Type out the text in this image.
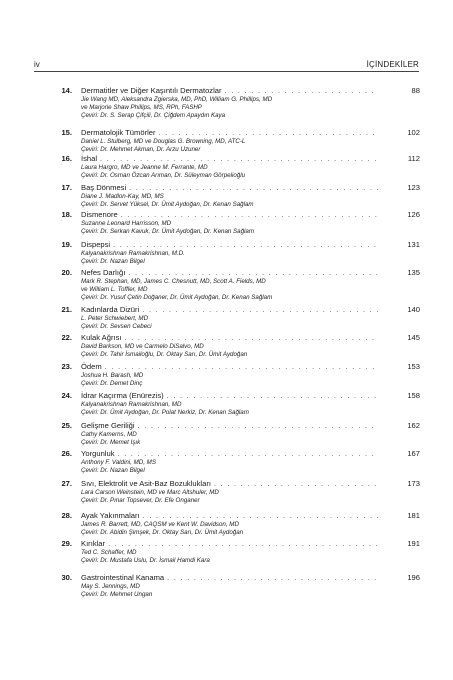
iv	İÇİNDEKİLER
14. Dermatitler ve Diğer Kaşıntılı Dermatozlar . . .	88
Jie Wang MD, Aleksandra Zgierska, MD, PhD, William G. Phillips, MD
ve Marjorie Shaw Phillips, MS, RPh, FASHP
Çeviri: Dr. S. Serap Çifçili, Dr. Çiğdem Apaydın Kaya
15. Dermatolojik Tümörler . . .	102
Daniel L. Stulberg, MD ve Douglas G. Browning, MD, ATC-L
Çeviri: Dr. Mehmet Akman, Dr. Arzu Uzuner
16. İshal . . .	112
Laura Hargro, MD ve Jeanne M. Ferrante, MD
Çeviri: Dr. Osman Özcan Arıman, Dr. Süleyman Görpelioğlu
17. Baş Dönmesi . . .	123
Diane J. Madlon-Kay, MD, MS
Çeviri: Dr. Servet Yüksel, Dr. Ümit Aydoğan, Dr. Kenan Sağlam
18. Dismenore . . .	126
Suzanne Leonard Harrisson, MD
Çeviri: Dr. Serkan Kavuk, Dr. Ümit Aydoğan, Dr. Kenan Sağlam
19. Dispepsi . . .	131
Kalyanakrishnan Ramakrishnan, M.D.
Çeviri: Dr. Nazan Bilgel
20. Nefes Darlığı . . .	135
Mark R. Stephan, MD, James C. Chesnutt, MD, Scott A. Fields, MD
ve William L. Toffler, MD
Çeviri: Dr. Yusuf Çetin Doğaner, Dr. Ümit Aydoğan, Dr. Kenan Sağlam
21. Kadınlarda Dizüri . . .	140
L. Peter Schwiebert, MD
Çeviri: Dr. Sevsen Cebeci
22. Kulak Ağrısı . . .	145
David Barkson, MD ve Carmelo DiSalvo, MD
Çeviri: Dr. Tahir İsmailoğlu, Dr. Oktay Sarı, Dr. Ümit Aydoğan
23. Ödem . . .	153
Joshua H. Barash, MD
Çeviri: Dr. Demet Dinç
24. İdrar Kaçırma (Enürezis) . . .	158
Kalyanakrishnan Ramakrishnan, MD
Çeviri: Dr. Ümit Aydoğan, Dr. Polat Nerkiz, Dr. Kenan Sağlam
25. Gelişme Geriliği . . .	162
Cathy Kamerns, MD
Çeviri: Dr. Memet Işık
26. Yorgunluk . . .	167
Anthony F. Valdini, MD, MS
Çeviri: Dr. Nazan Bilgel
27. Sıvı, Elektrolit ve Asit-Baz Bozuklukları . . .	173
Lara Carson Weinstein, MD ve Marc Altshuler, MD
Çeviri: Dr. Pınar Topsever, Dr. Efe Onganer
28. Ayak Yakınmaları . . .	181
James R. Barrett, MD, CAQSM ve Kent W. Davidson, MD
Çeviri: Dr. Abidin Şimşek, Dr. Oktay Sarı, Dr. Ümit Aydoğan
29. Kırıklar . . .	191
Ted C. Schaffer, MD
Çeviri: Dr. Mustafa Uslu, Dr. İsmail Hamdi Kara
30. Gastrointestinal Kanama . . .	196
May S. Jennings, MD
Çeviri: Dr. Mehmet Ungan
